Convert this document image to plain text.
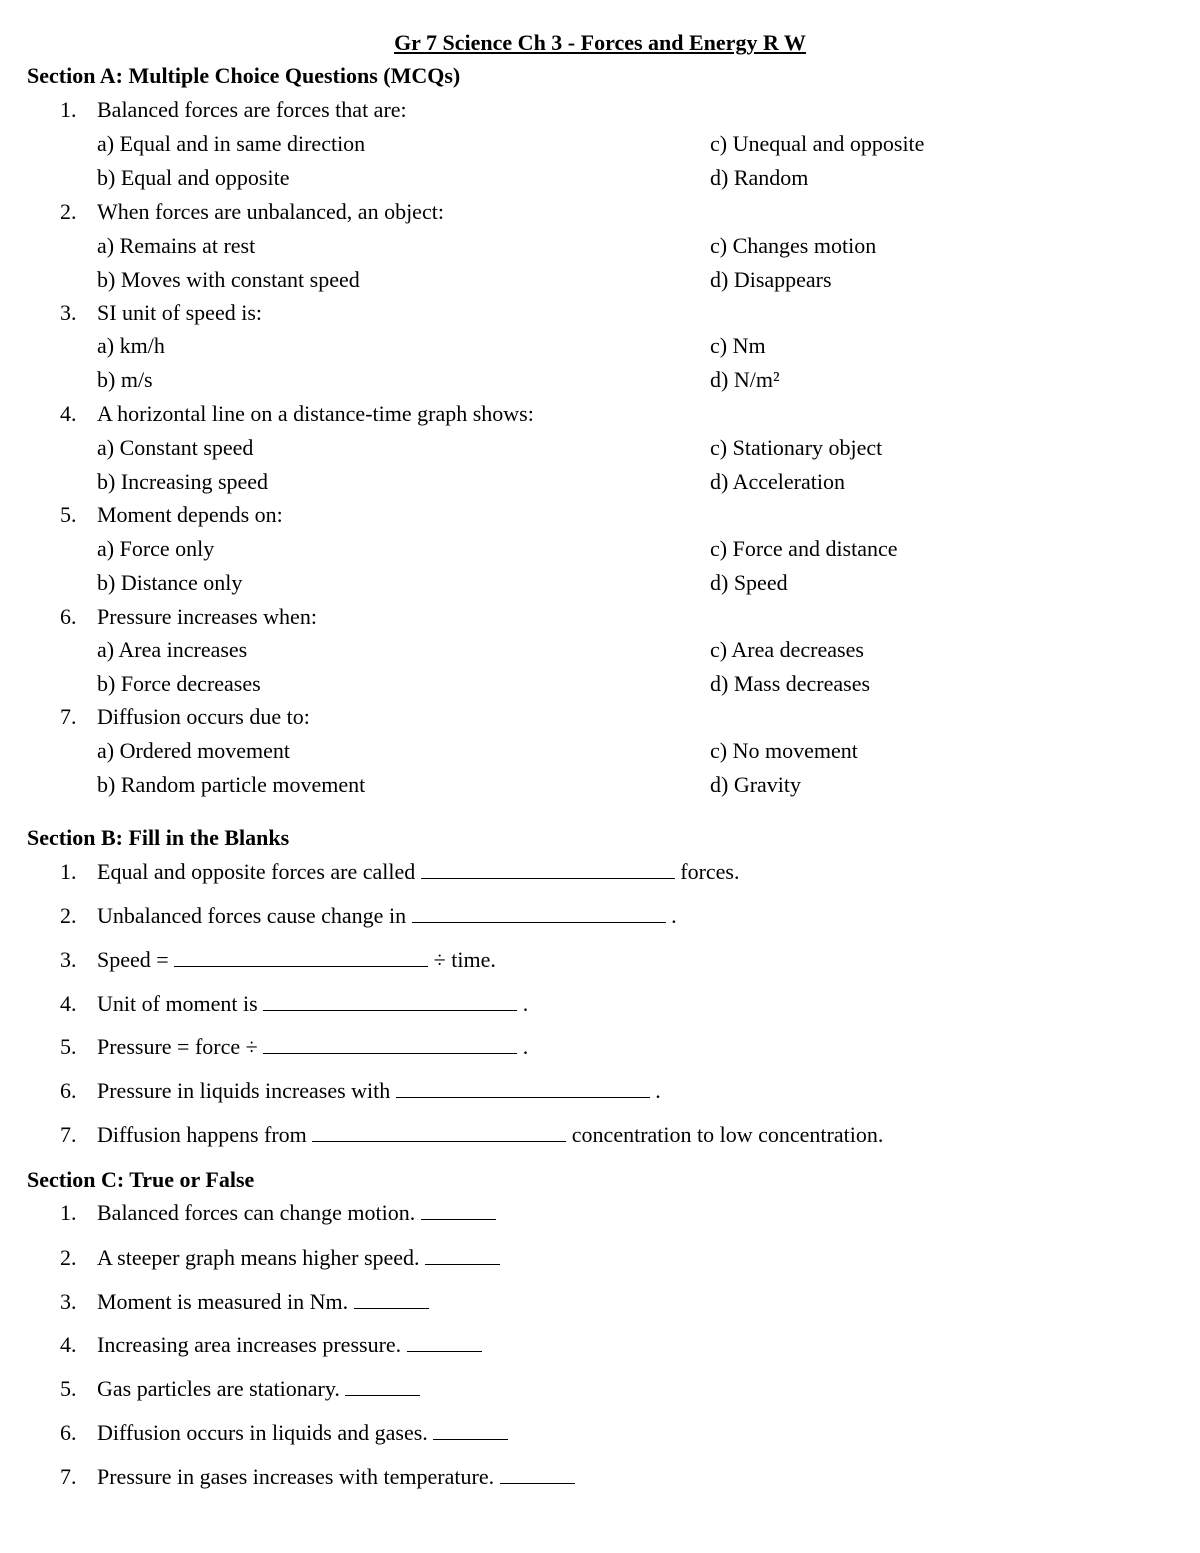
Gr 7 Science Ch 3 - Forces and Energy R W
Section A: Multiple Choice Questions (MCQs)
1. Balanced forces are forces that are:
a) Equal and in same direction	c) Unequal and opposite
b) Equal and opposite	d) Random
2. When forces are unbalanced, an object:
a) Remains at rest	c) Changes motion
b) Moves with constant speed	d) Disappears
3. SI unit of speed is:
a) km/h	c) Nm
b) m/s	d) N/m²
4. A horizontal line on a distance-time graph shows:
a) Constant speed	c) Stationary object
b) Increasing speed	d) Acceleration
5. Moment depends on:
a) Force only	c) Force and distance
b) Distance only	d) Speed
6. Pressure increases when:
a) Area increases	c) Area decreases
b) Force decreases	d) Mass decreases
7. Diffusion occurs due to:
a) Ordered movement	c) No movement
b) Random particle movement	d) Gravity
Section B: Fill in the Blanks
1. Equal and opposite forces are called	forces.
2. Unbalanced forces cause change in	.
3. Speed =	÷ time.
4. Unit of moment is	.
5. Pressure = force ÷	.
6. Pressure in liquids increases with	.
7. Diffusion happens from	concentration to low concentration.
Section C: True or False
1. Balanced forces can change motion.
2. A steeper graph means higher speed.
3. Moment is measured in Nm.
4. Increasing area increases pressure.
5. Gas particles are stationary.
6. Diffusion occurs in liquids and gases.
7. Pressure in gases increases with temperature.
